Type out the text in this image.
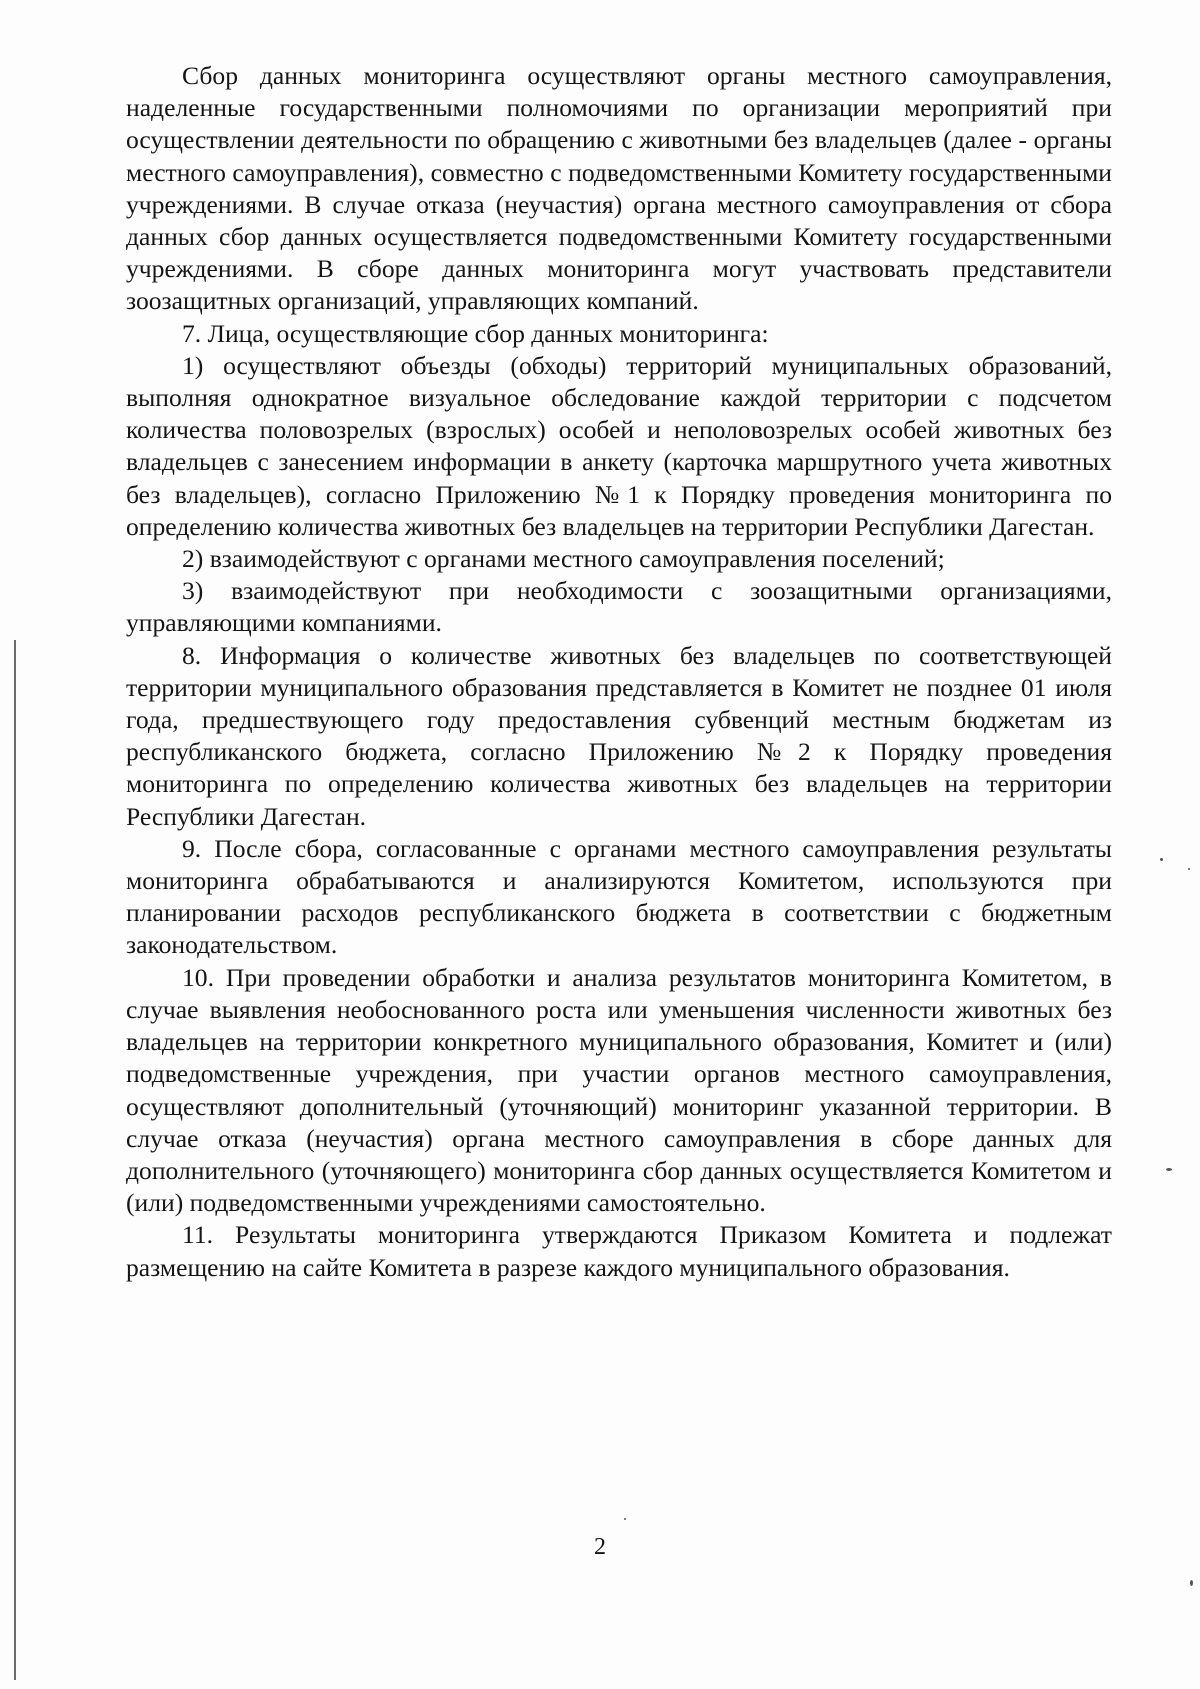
Сбор данных мониторинга осуществляют органы местного самоуправления, наделенные государственными полномочиями по организации мероприятий при осуществлении деятельности по обращению с животными без владельцев (далее - органы местного самоуправления), совместно с подведомственными Комитету государственными учреждениями. В случае отказа (неучастия) органа местного самоуправления от сбора данных сбор данных осуществляется подведомственными Комитету государственными учреждениями. В сборе данных мониторинга могут участвовать представители зоозащитных организаций, управляющих компаний.

7. Лица, осуществляющие сбор данных мониторинга:

1) осуществляют объезды (обходы) территорий муниципальных образований, выполняя однократное визуальное обследование каждой территории с подсчетом количества половозрелых (взрослых) особей и неполовозрелых особей животных без владельцев с занесением информации в анкету (карточка маршрутного учета животных без владельцев), согласно Приложению №1 к Порядку проведения мониторинга по определению количества животных без владельцев на территории Республики Дагестан.

2) взаимодействуют с органами местного самоуправления поселений;

3) взаимодействуют при необходимости с зоозащитными организациями, управляющими компаниями.

8. Информация о количестве животных без владельцев по соответствующей территории муниципального образования представляется в Комитет не позднее 01 июля года, предшествующего году предоставления субвенций местным бюджетам из республиканского бюджета, согласно Приложению №2 к Порядку проведения мониторинга по определению количества животных без владельцев на территории Республики Дагестан.

9. После сбора, согласованные с органами местного самоуправления результаты мониторинга обрабатываются и анализируются Комитетом, используются при планировании расходов республиканского бюджета в соответствии с бюджетным законодательством.

10. При проведении обработки и анализа результатов мониторинга Комитетом, в случае выявления необоснованного роста или уменьшения численности животных без владельцев на территории конкретного муниципального образования, Комитет и (или) подведомственные учреждения, при участии органов местного самоуправления, осуществляют дополнительный (уточняющий) мониторинг указанной территории. В случае отказа (неучастия) органа местного самоуправления в сборе данных для дополнительного (уточняющего) мониторинга сбор данных осуществляется Комитетом и (или) подведомственными учреждениями самостоятельно.

11. Результаты мониторинга утверждаются Приказом Комитета и подлежат размещению на сайте Комитета в разрезе каждого муниципального образования.

2
